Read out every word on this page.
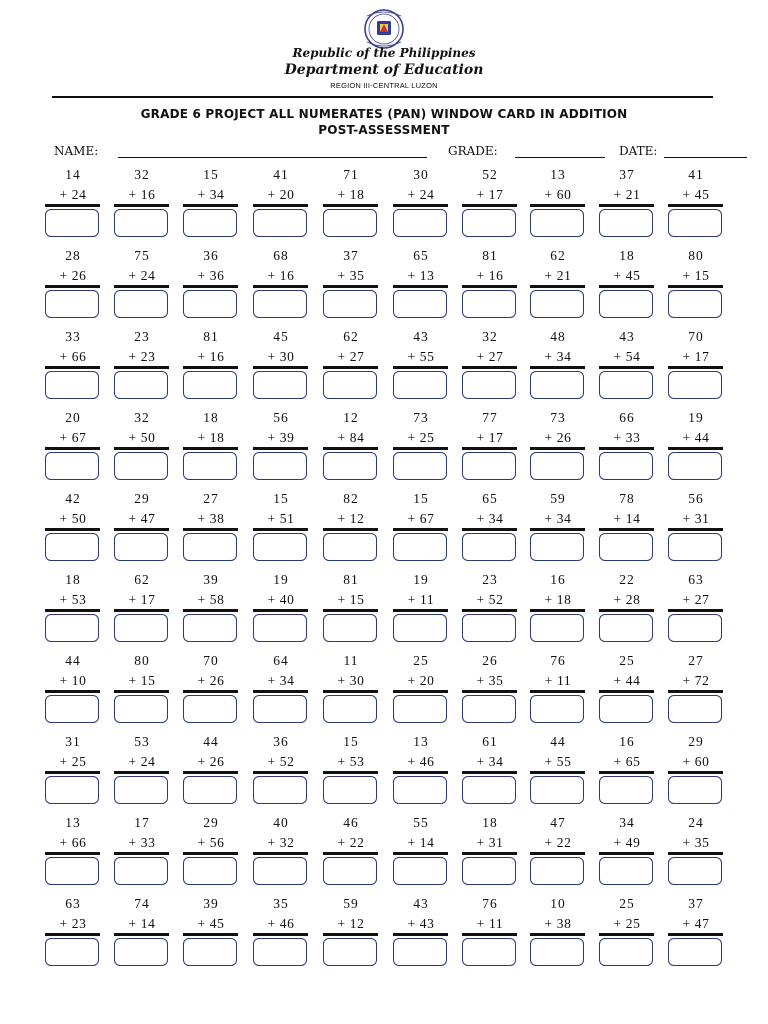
Republic of the Philippines
Department of Education
REGION III-CENTRAL LUZON
GRADE 6 PROJECT ALL NUMERATES (PAN) WINDOW CARD IN ADDITION
POST-ASSESSMENT
NAME:	GRADE:	DATE:
14
+ 24
32
+ 16
15
+ 34
41
+ 20
71
+ 18
30
+ 24
52
+ 17
13
+ 60
37
+ 21
41
+ 45
28
+ 26
75
+ 24
36
+ 36
68
+ 16
37
+ 35
65
+ 13
81
+ 16
62
+ 21
18
+ 45
80
+ 15
33
+ 66
23
+ 23
81
+ 16
45
+ 30
62
+ 27
43
+ 55
32
+ 27
48
+ 34
43
+ 54
70
+ 17
20
+ 67
32
+ 50
18
+ 18
56
+ 39
12
+ 84
73
+ 25
77
+ 17
73
+ 26
66
+ 33
19
+ 44
42
+ 50
29
+ 47
27
+ 38
15
+ 51
82
+ 12
15
+ 67
65
+ 34
59
+ 34
78
+ 14
56
+ 31
18
+ 53
62
+ 17
39
+ 58
19
+ 40
81
+ 15
19
+ 11
23
+ 52
16
+ 18
22
+ 28
63
+ 27
44
+ 10
80
+ 15
70
+ 26
64
+ 34
11
+ 30
25
+ 20
26
+ 35
76
+ 11
25
+ 44
27
+ 72
31
+ 25
53
+ 24
44
+ 26
36
+ 52
15
+ 53
13
+ 46
61
+ 34
44
+ 55
16
+ 65
29
+ 60
13
+ 66
17
+ 33
29
+ 56
40
+ 32
46
+ 22
55
+ 14
18
+ 31
47
+ 22
34
+ 49
24
+ 35
63
+ 23
74
+ 14
39
+ 45
35
+ 46
59
+ 12
43
+ 43
76
+ 11
10
+ 38
25
+ 25
37
+ 47
